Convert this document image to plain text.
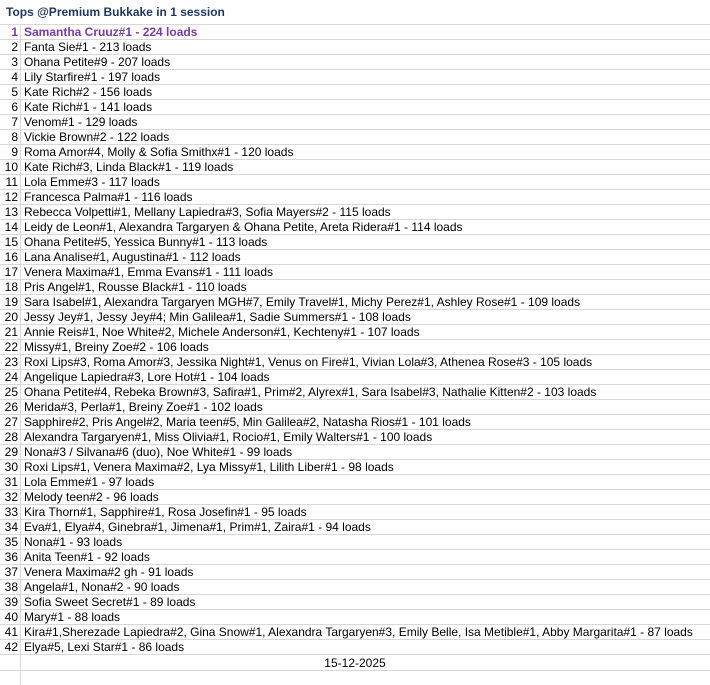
Tops @Premium Bukkake in 1 session
1 Samantha Cruuz#1 - 224 loads
2 Fanta Sie#1 - 213 loads
3 Ohana Petite#9 - 207 loads
4 Lily Starfire#1 - 197 loads
5 Kate Rich#2 - 156 loads
6 Kate Rich#1 - 141 loads
7 Venom#1 - 129 loads
8 Vickie Brown#2 - 122 loads
9 Roma Amor#4, Molly & Sofia Smithx#1 - 120 loads
10 Kate Rich#3, Linda Black#1 - 119 loads
11 Lola Emme#3 - 117 loads
12 Francesca Palma#1 - 116 loads
13 Rebecca Volpetti#1, Mellany Lapiedra#3, Sofia Mayers#2 - 115 loads
14 Leidy de Leon#1, Alexandra Targaryen & Ohana Petite, Areta Ridera#1 - 114 loads
15 Ohana Petite#5, Yessica Bunny#1 - 113 loads
16 Lana Analise#1, Augustina#1 - 112 loads
17 Venera Maxima#1, Emma Evans#1 - 111 loads
18 Pris Angel#1, Rousse Black#1 - 110 loads
19 Sara Isabel#1, Alexandra Targaryen MGH#7, Emily Travel#1, Michy Perez#1, Ashley Rose#1 - 109 loads
20 Jessy Jey#1, Jessy Jey#4; Min Galilea#1, Sadie Summers#1 - 108 loads
21 Annie Reis#1, Noe White#2, Michele Anderson#1, Kechteny#1 - 107 loads
22 Missy#1, Breiny Zoe#2 - 106 loads
23 Roxi Lips#3, Roma Amor#3, Jessika Night#1, Venus on Fire#1, Vivian Lola#3, Athenea Rose#3 - 105 loads
24 Angelique Lapiedra#3, Lore Hot#1 - 104 loads
25 Ohana Petite#4, Rebeka Brown#3, Safira#1, Prim#2, Alyrex#1, Sara Isabel#3, Nathalie Kitten#2 - 103 loads
26 Merida#3, Perla#1, Breiny Zoe#1 - 102 loads
27 Sapphire#2, Pris Angel#2, Maria teen#5, Min Galilea#2, Natasha Rios#1 - 101 loads
28 Alexandra Targaryen#1, Miss Olivia#1, Rocio#1, Emily Walters#1 - 100 loads
29 Nona#3 / Silvana#6 (duo), Noe White#1 - 99 loads
30 Roxi Lips#1, Venera Maxima#2, Lya Missy#1, Lilith Liber#1 - 98 loads
31 Lola Emme#1 - 97 loads
32 Melody teen#2 - 96 loads
33 Kira Thorn#1, Sapphire#1, Rosa Josefin#1 - 95 loads
34 Eva#1, Elya#4, Ginebra#1, Jimena#1, Prim#1, Zaira#1 - 94 loads
35 Nona#1 - 93 loads
36 Anita Teen#1 - 92 loads
37 Venera Maxima#2 gh - 91 loads
38 Angela#1, Nona#2 - 90 loads
39 Sofia Sweet Secret#1 - 89 loads
40 Mary#1 - 88 loads
41 Kira#1,Sherezade Lapiedra#2, Gina Snow#1, Alexandra Targaryen#3, Emily Belle, Isa Metible#1, Abby Margarita#1 - 87 loads
42 Elya#5, Lexi Star#1 - 86 loads
15-12-2025
